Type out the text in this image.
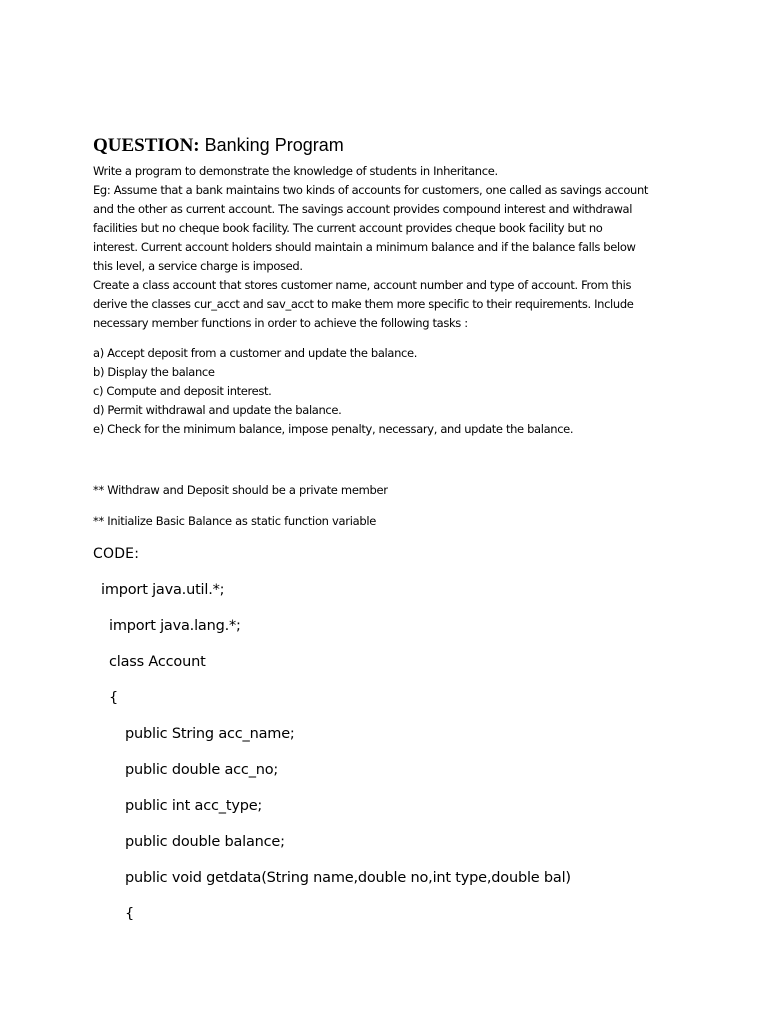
QUESTION: Banking Program
Write a program to demonstrate the knowledge of students in Inheritance.
Eg: Assume that a bank maintains two kinds of accounts for customers, one called as savings account
and the other as current account. The savings account provides compound interest and withdrawal
facilities but no cheque book facility. The current account provides cheque book facility but no
interest. Current account holders should maintain a minimum balance and if the balance falls below
this level, a service charge is imposed.
Create a class account that stores customer name, account number and type of account. From this
derive the classes cur_acct and sav_acct to make them more specific to their requirements. Include
necessary member functions in order to achieve the following tasks :
a) Accept deposit from a customer and update the balance.
b) Display the balance
c) Compute and deposit interest.
d) Permit withdrawal and update the balance.
e) Check for the minimum balance, impose penalty, necessary, and update the balance.
** Withdraw and Deposit should be a private member
** Initialize Basic Balance as static function variable
CODE:
import java.util.*;
import java.lang.*;
class Account
{
public String acc_name;
public double acc_no;
public int acc_type;
public double balance;
public void getdata(String name,double no,int type,double bal)
{
